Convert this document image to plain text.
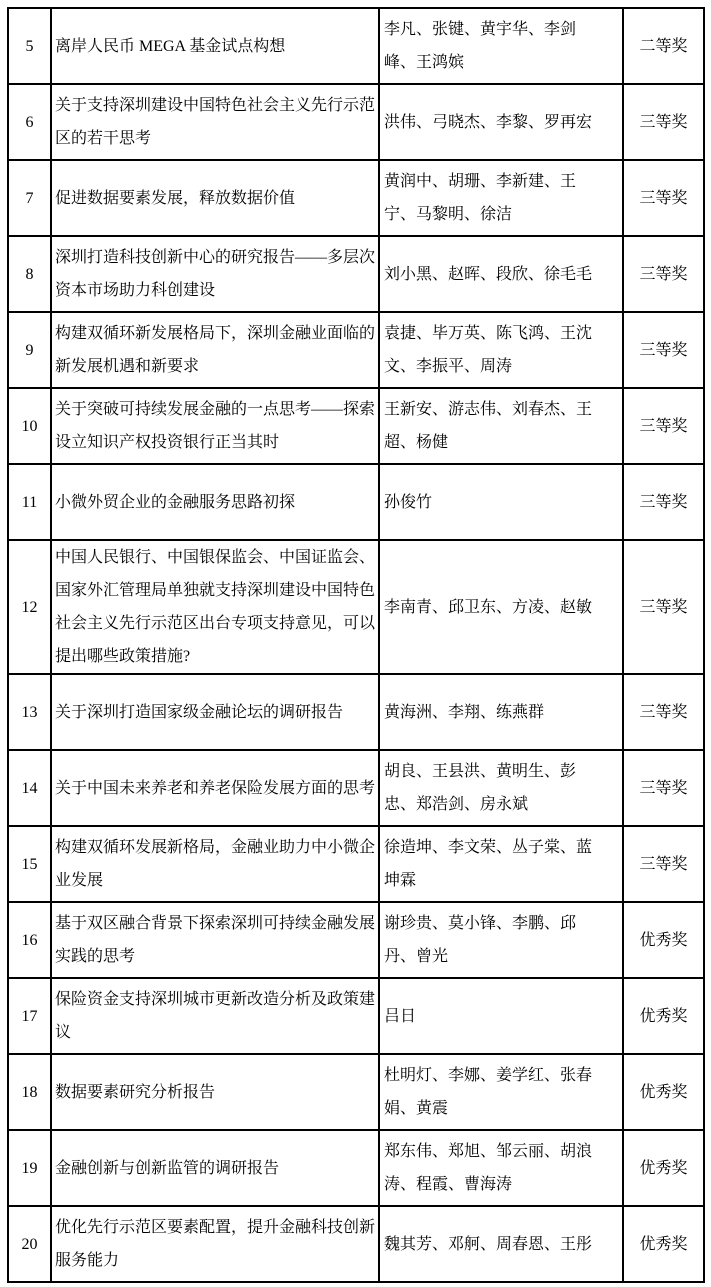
5	离岸人民币 MEGA 基金试点构想	李凡、张键、黄宇华、李剑峰、王鸿嫔	二等奖
6	关于支持深圳建设中国特色社会主义先行示范区的若干思考	洪伟、弓晓杰、李黎、罗再宏	三等奖
7	促进数据要素发展，释放数据价值	黄润中、胡珊、李新建、王宁、马黎明、徐洁	三等奖
8	深圳打造科技创新中心的研究报告——多层次资本市场助力科创建设	刘小黑、赵晖、段欣、徐毛毛	三等奖
9	构建双循环新发展格局下，深圳金融业面临的新发展机遇和新要求	袁捷、毕万英、陈飞鸿、王沈文、李振平、周涛	三等奖
10	关于突破可持续发展金融的一点思考——探索设立知识产权投资银行正当其时	王新安、游志伟、刘春杰、王超、杨健	三等奖
11	小微外贸企业的金融服务思路初探	孙俊竹	三等奖
12	中国人民银行、中国银保监会、中国证监会、国家外汇管理局单独就支持深圳建设中国特色社会主义先行示范区出台专项支持意见，可以提出哪些政策措施?	李南青、邱卫东、方凌、赵敏	三等奖
13	关于深圳打造国家级金融论坛的调研报告	黄海洲、李翔、练燕群	三等奖
14	关于中国未来养老和养老保险发展方面的思考	胡良、王县洪、黄明生、彭忠、郑浩剑、房永斌	三等奖
15	构建双循环发展新格局，金融业助力中小微企业发展	徐造坤、李文荣、丛子棠、蓝坤霖	三等奖
16	基于双区融合背景下探索深圳可持续金融发展实践的思考	谢珍贵、莫小锋、李鹏、邱丹、曾光	优秀奖
17	保险资金支持深圳城市更新改造分析及政策建议	吕日	优秀奖
18	数据要素研究分析报告	杜明灯、李娜、姜学红、张春娟、黄震	优秀奖
19	金融创新与创新监管的调研报告	郑东伟、郑旭、邹云丽、胡浪涛、程霞、曹海涛	优秀奖
20	优化先行示范区要素配置，提升金融科技创新服务能力	魏其芳、邓舸、周春恩、王彤	优秀奖
